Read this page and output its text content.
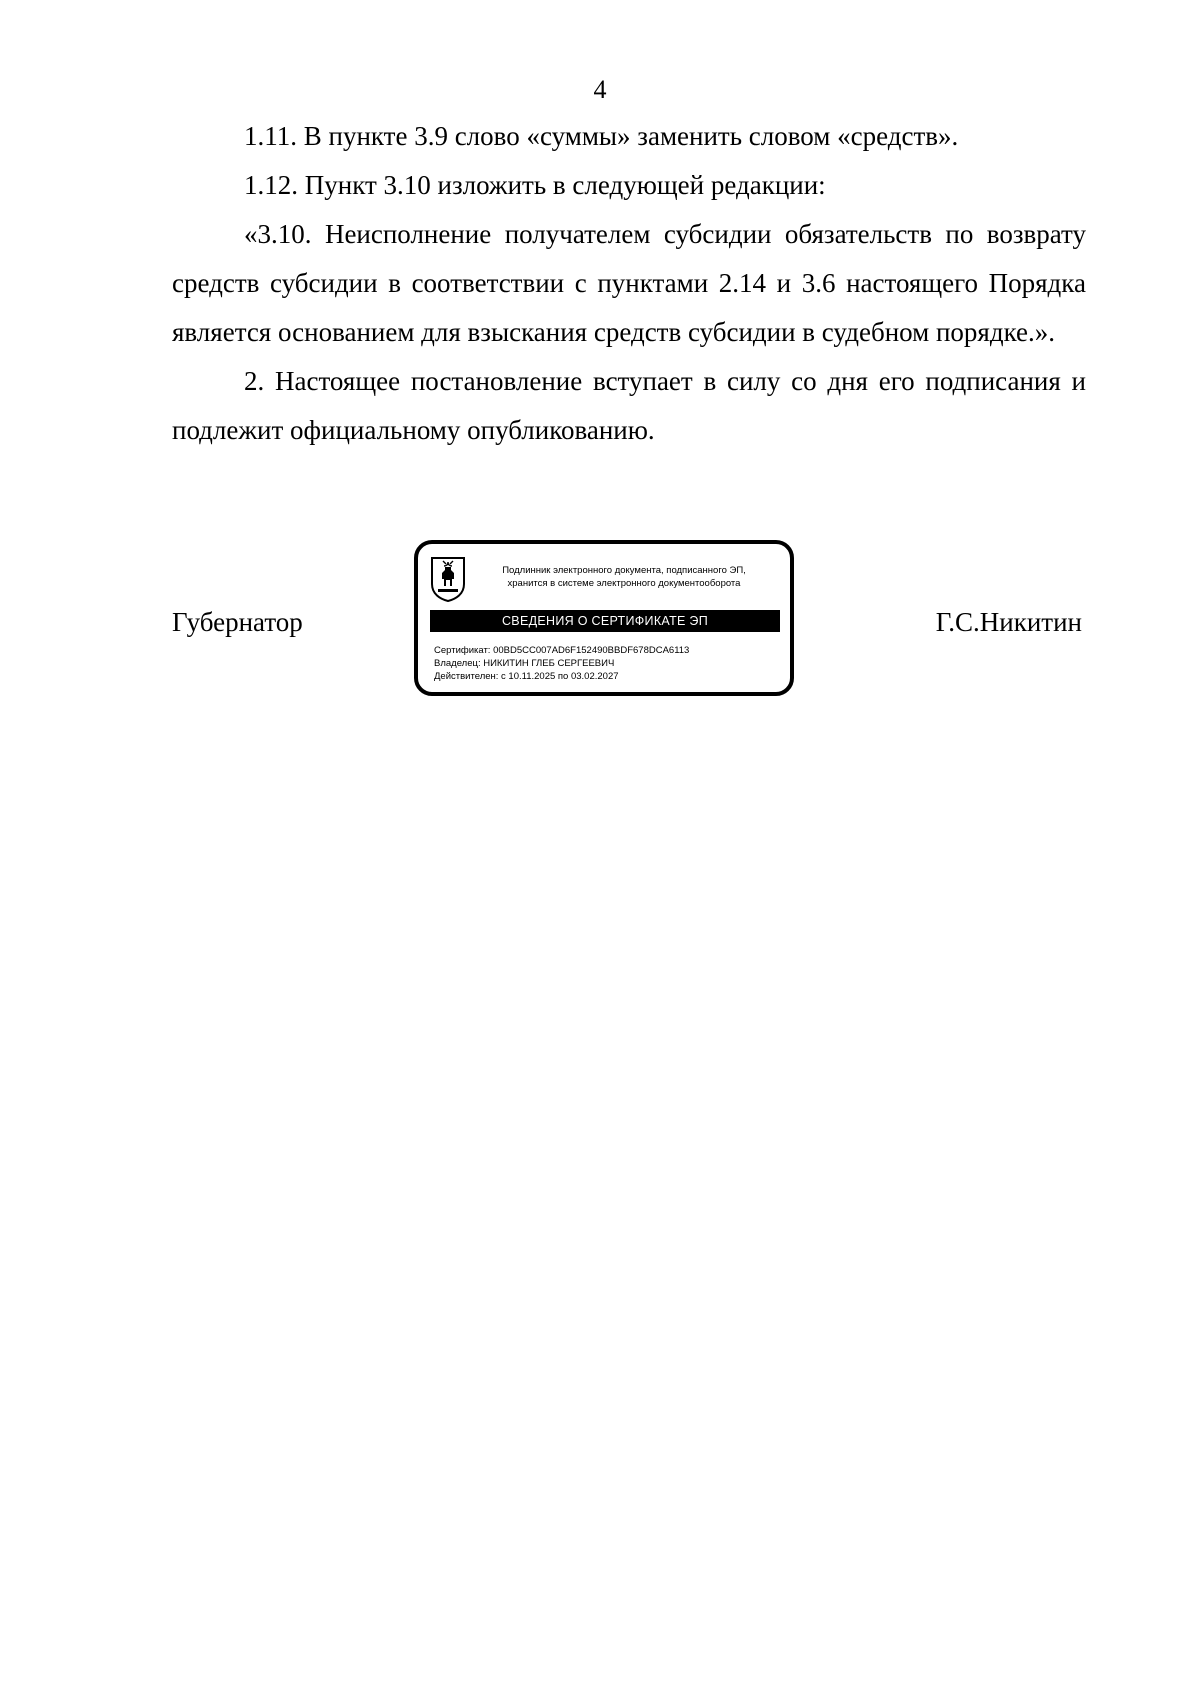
4

1.11. В пункте 3.9 слово «суммы» заменить словом «средств».

1.12. Пункт 3.10 изложить в следующей редакции:

«3.10. Неисполнение получателем субсидии обязательств по возврату средств субсидии в соответствии с пунктами 2.14 и 3.6 настоящего Порядка является основанием для взыскания средств субсидии в судебном порядке.».

2. Настоящее постановление вступает в силу со дня его подписания и подлежит официальному опубликованию.

Губернатор
Подлинник электронного документа, подписанного ЭП,
хранится в системе электронного документооборота
СВЕДЕНИЯ О СЕРТИФИКАТЕ ЭП
Сертификат: 00BD5CC007AD6F152490BBDF678DCA6113
Владелец: НИКИТИН ГЛЕБ СЕРГЕЕВИЧ
Действителен: с 10.11.2025 по 03.02.2027
Г.С.Никитин
